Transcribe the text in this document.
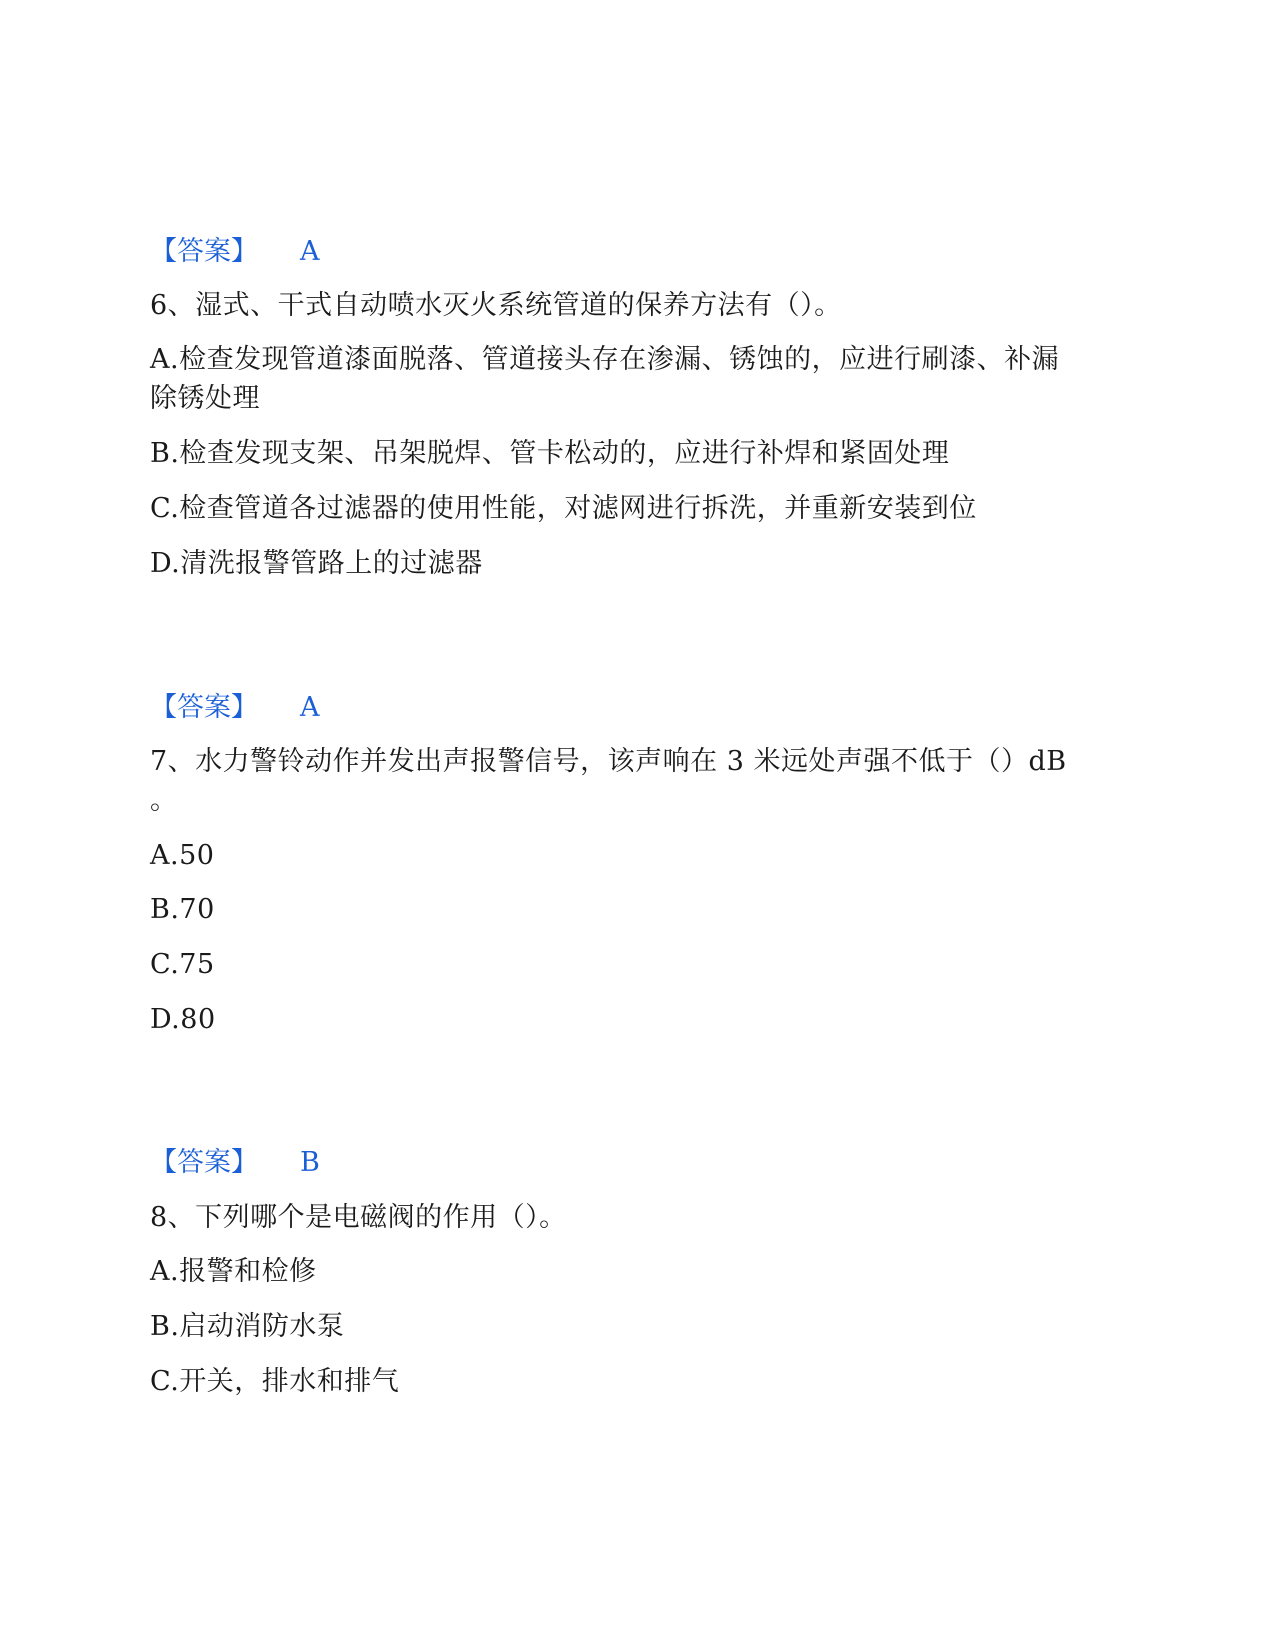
【答案】 A
6、湿式、干式自动喷水灭火系统管道的保养方法有（）。
A.检查发现管道漆面脱落、管道接头存在渗漏、锈蚀的，应进行刷漆、补漏
除锈处理
B.检查发现支架、吊架脱焊、管卡松动的，应进行补焊和紧固处理
C.检查管道各过滤器的使用性能，对滤网进行拆洗，并重新安装到位
D.清洗报警管路上的过滤器
【答案】 A
7、水力警铃动作并发出声报警信号，该声响在 3 米远处声强不低于（）dB
。
A.50
B.70
C.75
D.80
【答案】 B
8、下列哪个是电磁阀的作用（）。
A.报警和检修
B.启动消防水泵
C.开关，排水和排气
